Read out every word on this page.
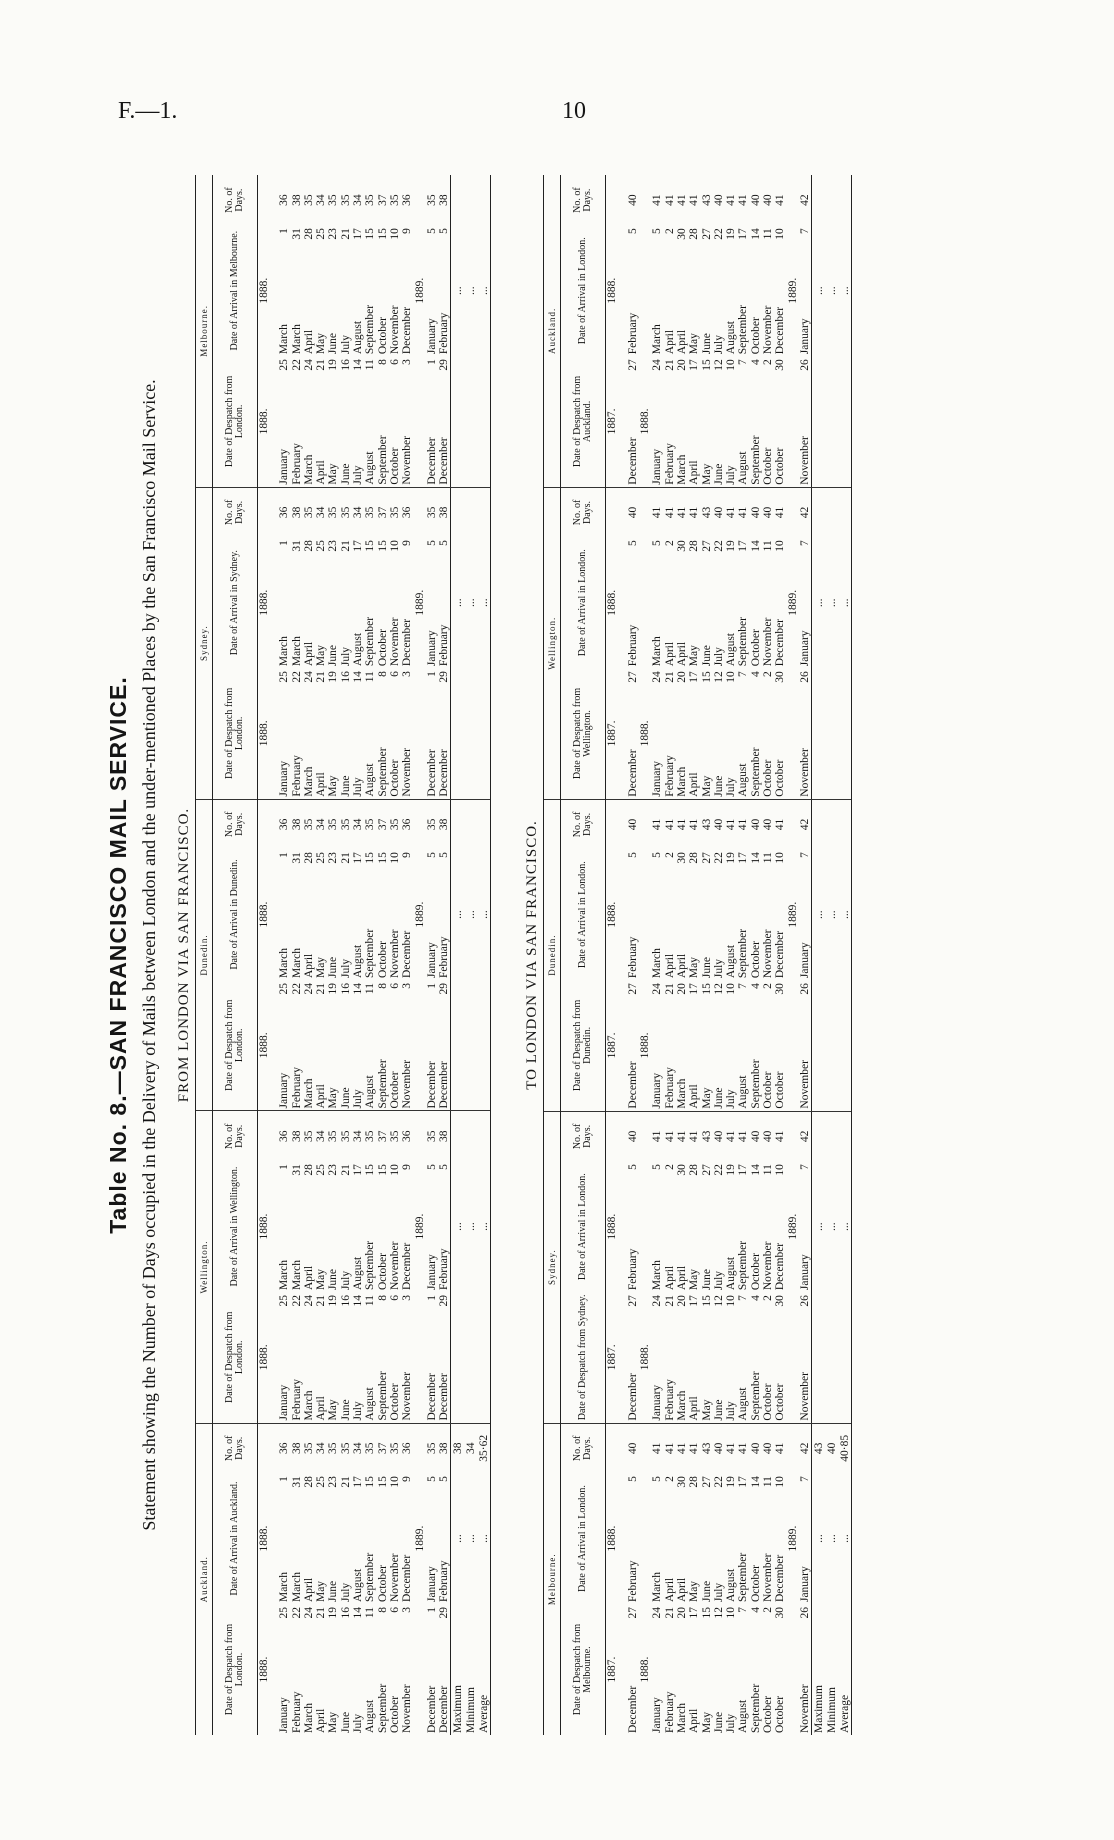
F.—1.	10
Table No. 8.—SAN FRANCISCO MAIL SERVICE. Statement showing the Number of Days occupied in the Delivery of Mails between London and the under-mentioned Places by the San Francisco Mail Service.	FROM LONDON VIA SAN FRANCISCO.
Auckland.					Wellington.					Dunedin.					Sydney.					Melbourne.				
Date of Despatch from London.		Date of Arrival in Auckland.		No. of Days.	Date of Despatch from London.		Date of Arrival in Wellington.		No. of Days.	Date of Despatch from London.		Date of Arrival in Dunedin.		No. of Days.	Date of Despatch from London.		Date of Arrival in Sydney.		No. of Days.	Date of Despatch from London.		Date of Arrival in Melbourne.		No. of Days.
1888.		1888.			1888.		1888.			1888.		1888.			1888.		1888.			1888.		1888.		

January	25	March	1	36	January	25	March	1	36	January	25	March	1	36	January	25	March	1	36	January	25	March	1	36
February	22	March	31	38	February	22	March	31	38	February	22	March	31	38	February	22	March	31	38	February	22	March	31	38
March	24	April	28	35	March	24	April	28	35	March	24	April	28	35	March	24	April	28	35	March	24	April	28	35
April	21	May	25	34	April	21	May	25	34	April	21	May	25	34	April	21	May	25	34	April	21	May	25	34
May	19	June	23	35	May	19	June	23	35	May	19	June	23	35	May	19	June	23	35	May	19	June	23	35
June	16	July	21	35	June	16	July	21	35	June	16	July	21	35	June	16	July	21	35	June	16	July	21	35
July	14	August	17	34	July	14	August	17	34	July	14	August	17	34	July	14	August	17	34	July	14	August	17	34
August	11	September	15	35	August	11	September	15	35	August	11	September	15	35	August	11	September	15	35	August	11	September	15	35
September	8	October	15	37	September	8	October	15	37	September	8	October	15	37	September	8	October	15	37	September	8	October	15	37
October	6	November	10	35	October	6	November	10	35	October	6	November	10	35	October	6	November	10	35	October	6	November	10	35
November	3	December	9	36	November	3	December	9	36	November	3	December	9	36	November	3	December	9	36	November	3	December	9	36
		1889.					1889.					1889.					1889.					1889.		
December	1	January	5	35	December	1	January	5	35	December	1	January	5	35	December	1	January	5	35	December	1	January	5	35
December	29	February	5	38	December	29	February	5	38	December	29	February	5	38	December	29	February	5	38	December	29	February	5	38
Maximum		...		38			...					...					...					...		
Minimum		...		34			...					...					...					...		
Average		...		35·62			...					...					...					...		
TO LONDON VIA SAN FRANCISCO.
Melbourne.					Sydney.					Dunedin.					Wellington.					Auckland.				
Date of Despatch from Melbourne.		Date of Arrival in London.		No. of Days.	Date of Despatch from Sydney.		Date of Arrival in London.		No. of Days.	Date of Despatch from Dunedin.		Date of Arrival in London.		No. of Days.	Date of Despatch from Wellington.		Date of Arrival in London.		No. of Days.	Date of Despatch from Auckland.		Date of Arrival in London.		No. of Days.
1887.		1888.			1887.		1888.			1887.		1888.			1887.		1888.			1887.		1888.		

December	27	February	5	40	December	27	February	5	40	December	27	February	5	40	December	27	February	5	40	December	27	February	5	40
1888.					1888.					1888.					1888.					1888.				
January	24	March	5	41	January	24	March	5	41	January	24	March	5	41	January	24	March	5	41	January	24	March	5	41
February	21	April	2	41	February	21	April	2	41	February	21	April	2	41	February	21	April	2	41	February	21	April	2	41
March	20	April	30	41	March	20	April	30	41	March	20	April	30	41	March	20	April	30	41	March	20	April	30	41
April	17	May	28	41	April	17	May	28	41	April	17	May	28	41	April	17	May	28	41	April	17	May	28	41
May	15	June	27	43	May	15	June	27	43	May	15	June	27	43	May	15	June	27	43	May	15	June	27	43
June	12	July	22	40	June	12	July	22	40	June	12	July	22	40	June	12	July	22	40	June	12	July	22	40
July	10	August	19	41	July	10	August	19	41	July	10	August	19	41	July	10	August	19	41	July	10	August	19	41
August	7	September	17	41	August	7	September	17	41	August	7	September	17	41	August	7	September	17	41	August	7	September	17	41
September	4	October	14	40	September	4	October	14	40	September	4	October	14	40	September	4	October	14	40	September	4	October	14	40
October	2	November	11	40	October	2	November	11	40	October	2	November	11	40	October	2	November	11	40	October	2	November	11	40
October	30	December	10	41	October	30	December	10	41	October	30	December	10	41	October	30	December	10	41	October	30	December	10	41
		1889.					1889.					1889.					1889.					1889.		
November	26	January	7	42	November	26	January	7	42	November	26	January	7	42	November	26	January	7	42	November	26	January	7	42
Maximum		...		43			...					...					...					...		
Minimum		...		40			...					...					...					...		
Average		...		40·85			...					...					...					...		
